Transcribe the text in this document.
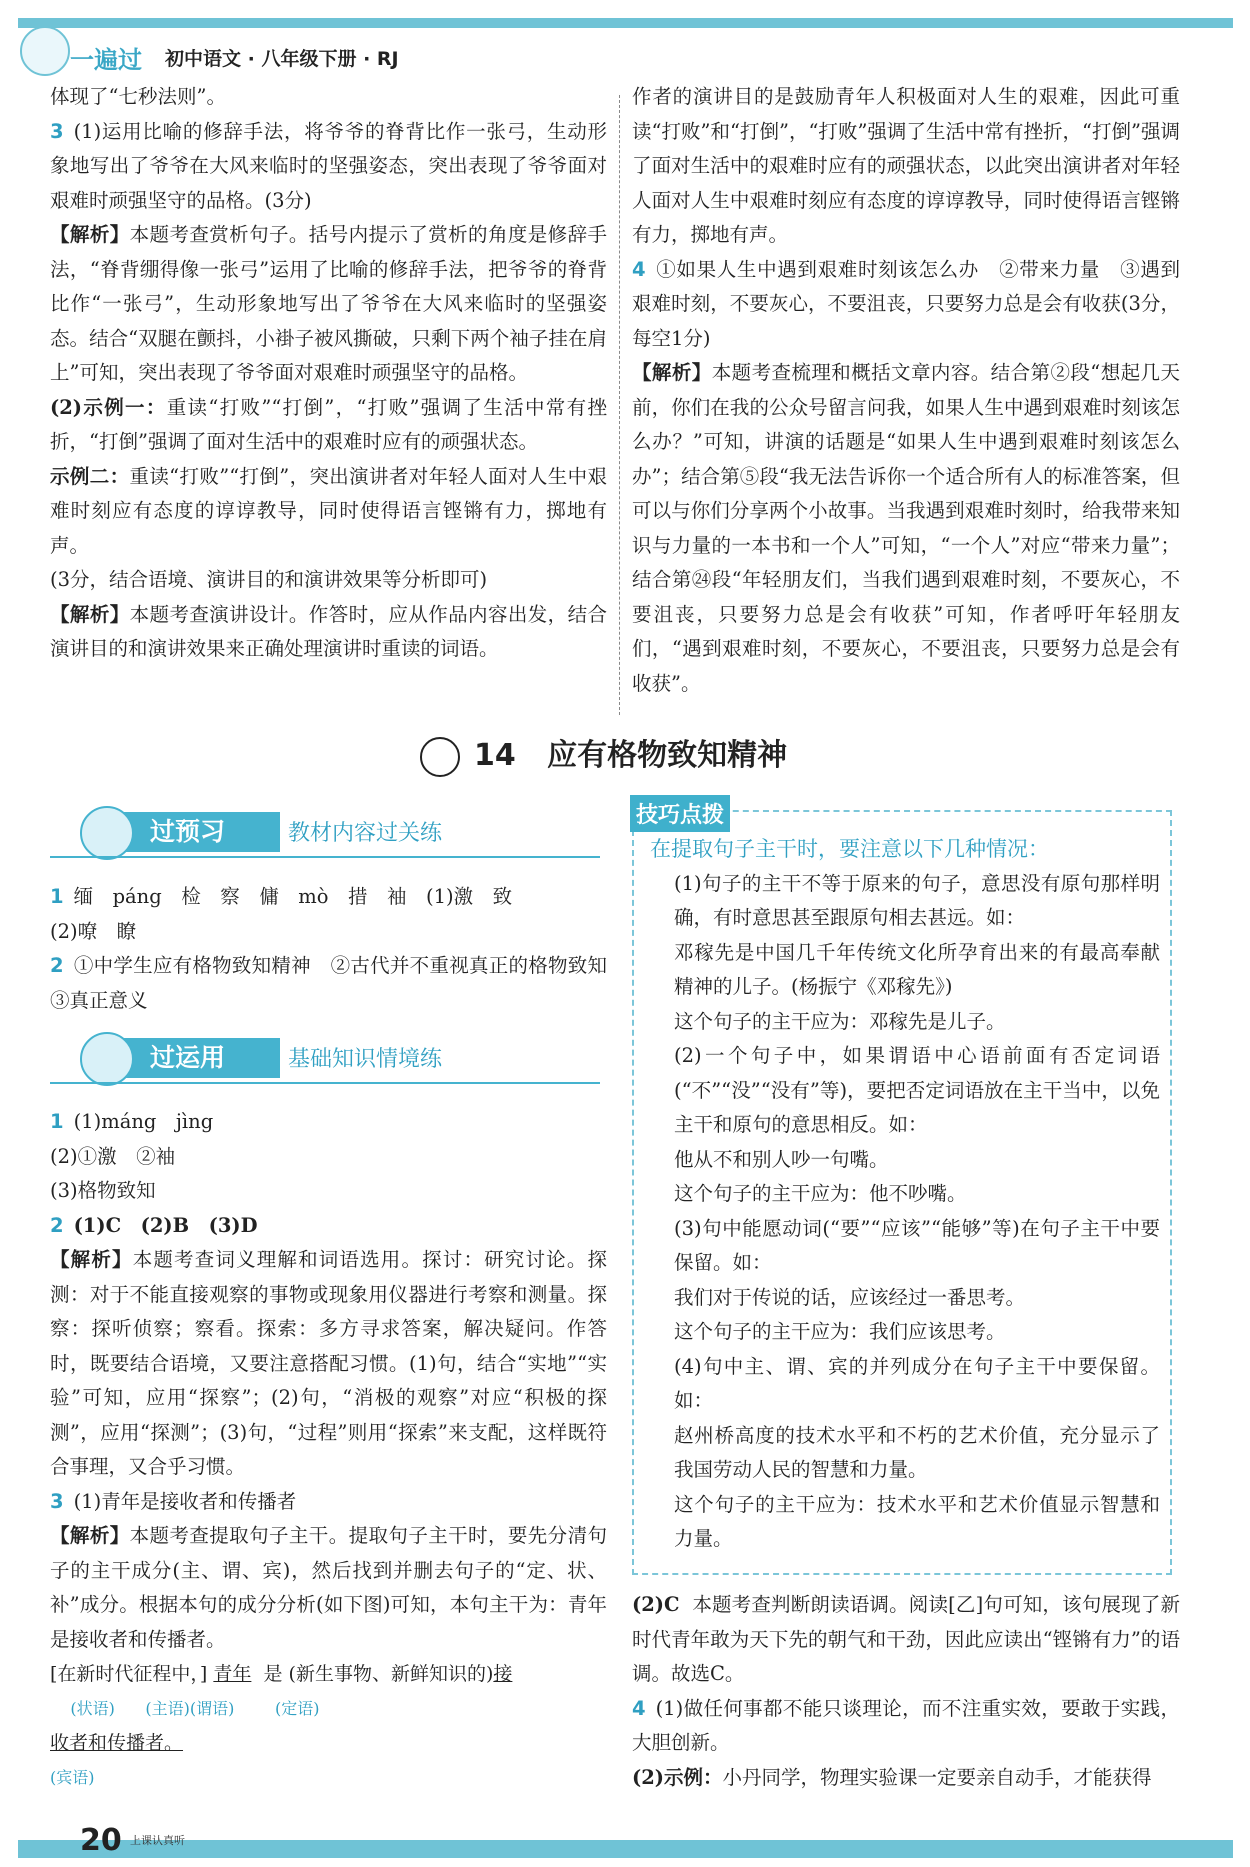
一遍过 初中语文 · 八年级下册 · RJ

体现了“七秒法则”。

3 (1)运用比喻的修辞手法，将爷爷的脊背比作一张弓，生动形象地写出了爷爷在大风来临时的坚强姿态，突出表现了爷爷面对艰难时顽强坚守的品格。(3分)

【解析】本题考查赏析句子。括号内提示了赏析的角度是修辞手法，“脊背绷得像一张弓”运用了比喻的修辞手法，把爷爷的脊背比作“一张弓”，生动形象地写出了爷爷在大风来临时的坚强姿态。结合“双腿在颤抖，小褂子被风撕破，只剩下两个袖子挂在肩上”可知，突出表现了爷爷面对艰难时顽强坚守的品格。

(2)示例一：重读“打败”“打倒”，“打败”强调了生活中常有挫折，“打倒”强调了面对生活中的艰难时应有的顽强状态。

示例二：重读“打败”“打倒”，突出演讲者对年轻人面对人生中艰难时刻应有态度的谆谆教导，同时使得语言铿锵有力，掷地有声。

(3分，结合语境、演讲目的和演讲效果等分析即可)

【解析】本题考查演讲设计。作答时，应从作品内容出发，结合演讲目的和演讲效果来正确处理演讲时重读的词语。

作者的演讲目的是鼓励青年人积极面对人生的艰难，因此可重读“打败”和“打倒”，“打败”强调了生活中常有挫折，“打倒”强调了面对生活中的艰难时应有的顽强状态，以此突出演讲者对年轻人面对人生中艰难时刻应有态度的谆谆教导，同时使得语言铿锵有力，掷地有声。

4 ①如果人生中遇到艰难时刻该怎么办　②带来力量　③遇到艰难时刻，不要灰心，不要沮丧，只要努力总是会有收获(3分，每空1分)

【解析】本题考查梳理和概括文章内容。结合第②段“想起几天前，你们在我的公众号留言问我，如果人生中遇到艰难时刻该怎么办？”可知，讲演的话题是“如果人生中遇到艰难时刻该怎么办”；结合第⑤段“我无法告诉你一个适合所有人的标准答案，但可以与你们分享两个小故事。当我遇到艰难时刻时，给我带来知识与力量的一本书和一个人”可知，“一个人”对应“带来力量”；结合第㉔段“年轻朋友们，当我们遇到艰难时刻，不要灰心，不要沮丧，只要努力总是会有收获”可知，作者呼吁年轻朋友们，“遇到艰难时刻，不要灰心，不要沮丧，只要努力总是会有收获”。

14 应有格物致知精神
过预习	教材内容过关练

1 缅　páng　检　察　傭　mò　措　袖　(1)激　致

(2)嘹　瞭

2 ①中学生应有格物致知精神　②古代并不重视真正的格物致知　③真正意义

过运用	基础知识情境练

1 (1)máng　jìng

(2)①激　②袖

(3)格物致知

2 (1)C　(2)B　(3)D

【解析】本题考查词义理解和词语选用。探讨：研究讨论。探测：对于不能直接观察的事物或现象用仪器进行考察和测量。探察：探听侦察；察看。探索：多方寻求答案，解决疑问。作答时，既要结合语境，又要注意搭配习惯。(1)句，结合“实地”“实验”可知，应用“探察”；(2)句，“消极的观察”对应“积极的探测”，应用“探测”；(3)句，“过程”则用“探索”来支配，这样既符合事理，又合乎习惯。

3 (1)青年是接收者和传播者

【解析】本题考查提取句子主干。提取句子主干时，要先分清句子的主干成分(主、谓、宾)，然后找到并删去句子的“定、状、补”成分。根据本句的成分分析(如下图)可知，本句主干为：青年是接收者和传播者。

[在新时代征程中，] 青年 是 (新生事物、新鲜知识的)接
(状语) (主语)(谓语)	(定语)
收者和传播者。
(宾语)
技巧点拨

在提取句子主干时，要注意以下几种情况：

(1)句子的主干不等于原来的句子，意思没有原句那样明确，有时意思甚至跟原句相去甚远。如：

邓稼先是中国几千年传统文化所孕育出来的有最高奉献精神的儿子。(杨振宁《邓稼先》)

这个句子的主干应为：邓稼先是儿子。

(2)一个句子中，如果谓语中心语前面有否定词语(“不”“没”“没有”等)，要把否定词语放在主干当中，以免主干和原句的意思相反。如：

他从不和别人吵一句嘴。

这个句子的主干应为：他不吵嘴。

(3)句中能愿动词(“要”“应该”“能够”等)在句子主干中要保留。如：

我们对于传说的话，应该经过一番思考。

这个句子的主干应为：我们应该思考。

(4)句中主、谓、宾的并列成分在句子主干中要保留。如：

赵州桥高度的技术水平和不朽的艺术价值，充分显示了我国劳动人民的智慧和力量。

这个句子的主干应为：技术水平和艺术价值显示智慧和力量。

(2)C 本题考查判断朗读语调。阅读[乙]句可知，该句展现了新时代青年敢为天下先的朝气和干劲，因此应读出“铿锵有力”的语调。故选C。

4 (1)做任何事都不能只谈理论，而不注重实效，要敢于实践，大胆创新。

(2)示例：小丹同学，物理实验课一定要亲自动手，才能获得

20 上课认真听
